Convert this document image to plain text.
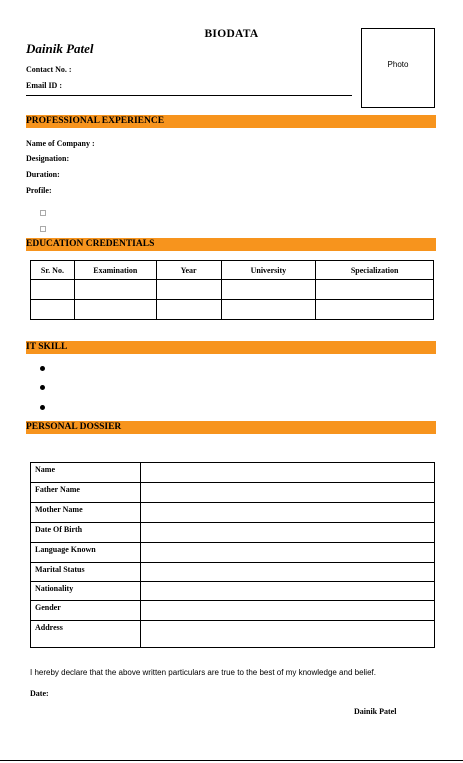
BIODATA
Dainik Patel
Contact No. :
Email ID :
Photo
PROFESSIONAL EXPERIENCE
Name of Company :
Designation:
Duration:
Profile:
EDUCATION CREDENTIALS
Sr. No.	Examination	Year	University	Specialization

IT SKILL
PERSONAL DOSSIER
Name	
Father Name	
Mother Name	
Date Of Birth	
Language Known	
Marital Status	
Nationality	
Gender	
Address	
I hereby declare that the above written particulars are true to the best of my knowledge and belief.
Date:
Dainik Patel
